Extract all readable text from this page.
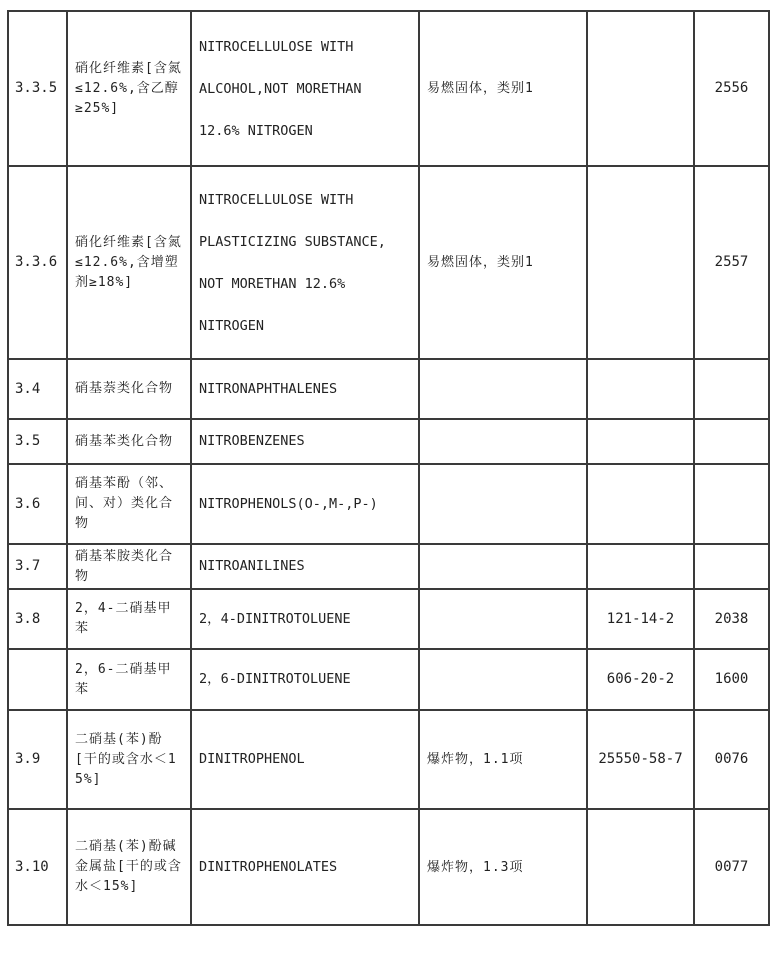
3.3.5	硝化纤维素[含氮≤12.6%,含乙醇≥25%]	NITROCELLULOSE WITH
ALCOHOL,NOT MORETHAN
12.6% NITROGEN	易燃固体，类别1		2556
3.3.6	硝化纤维素[含氮≤12.6%,含增塑剂≥18%]	NITROCELLULOSE WITH
PLASTICIZING SUBSTANCE,
NOT MORETHAN 12.6%
NITROGEN	易燃固体，类别1		2557
3.4	硝基萘类化合物	NITRONAPHTHALENES			
3.5	硝基苯类化合物	NITROBENZENES			
3.6	硝基苯酚（邻、间、对）类化合物	NITROPHENOLS(O-,M-,P-)			
3.7	硝基苯胺类化合物	NITROANILINES			
3.8	2，4-二硝基甲苯	2，4-DINITROTOLUENE		121-14-2	2038
	2，6-二硝基甲苯	2，6-DINITROTOLUENE		606-20-2	1600
3.9	二硝基(苯)酚[干的或含水＜15%]	DINITROPHENOL	爆炸物，1.1项	25550-58-7	0076
3.10	二硝基(苯)酚碱金属盐[干的或含水＜15%]	DINITROPHENOLATES	爆炸物，1.3项		0077
